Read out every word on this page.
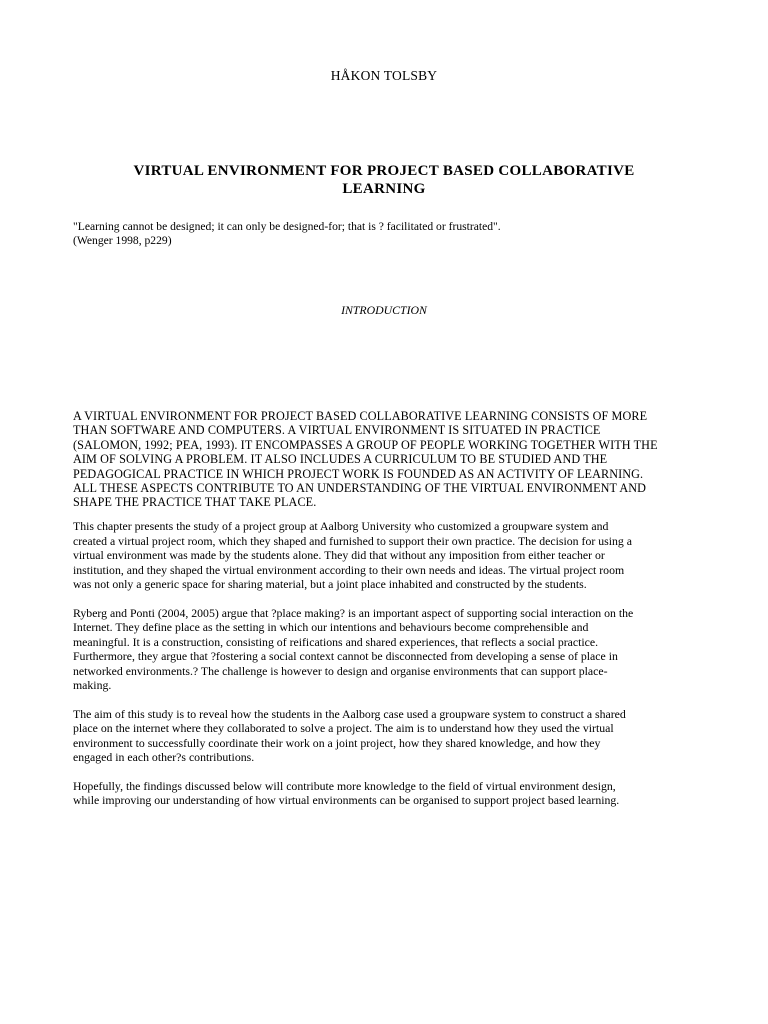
HÅKON TOLSBY
VIRTUAL ENVIRONMENT FOR PROJECT BASED COLLABORATIVE
LEARNING
"Learning cannot be designed; it can only be designed-for; that is ? facilitated or frustrated".
(Wenger 1998, p229)
INTRODUCTION
A VIRTUAL ENVIRONMENT FOR PROJECT BASED COLLABORATIVE LEARNING CONSISTS OF MORE
THAN SOFTWARE AND COMPUTERS. A VIRTUAL ENVIRONMENT IS SITUATED IN PRACTICE
(SALOMON, 1992; PEA, 1993). IT ENCOMPASSES A GROUP OF PEOPLE WORKING TOGETHER WITH THE
AIM OF SOLVING A PROBLEM. IT ALSO INCLUDES A CURRICULUM TO BE STUDIED AND THE
PEDAGOGICAL PRACTICE IN WHICH PROJECT WORK IS FOUNDED AS AN ACTIVITY OF LEARNING.
ALL THESE ASPECTS CONTRIBUTE TO AN UNDERSTANDING OF THE VIRTUAL ENVIRONMENT AND
SHAPE THE PRACTICE THAT TAKE PLACE.

This chapter presents the study of a project group at Aalborg University who customized a groupware system and
created a virtual project room, which they shaped and furnished to support their own practice. The decision for using a
virtual environment was made by the students alone. They did that without any imposition from either teacher or
institution, and they shaped the virtual environment according to their own needs and ideas. The virtual project room
was not only a generic space for sharing material, but a joint place inhabited and constructed by the students.

Ryberg and Ponti (2004, 2005) argue that ?place making? is an important aspect of supporting social interaction on the
Internet. They define place as the setting in which our intentions and behaviours become comprehensible and
meaningful. It is a construction, consisting of reifications and shared experiences, that reflects a social practice.
Furthermore, they argue that ?fostering a social context cannot be disconnected from developing a sense of place in
networked environments.? The challenge is however to design and organise environments that can support place-
making.

The aim of this study is to reveal how the students in the Aalborg case used a groupware system to construct a shared
place on the internet where they collaborated to solve a project. The aim is to understand how they used the virtual
environment to successfully coordinate their work on a joint project, how they shared knowledge, and how they
engaged in each other?s contributions.

Hopefully, the findings discussed below will contribute more knowledge to the field of virtual environment design,
while improving our understanding of how virtual environments can be organised to support project based learning.
